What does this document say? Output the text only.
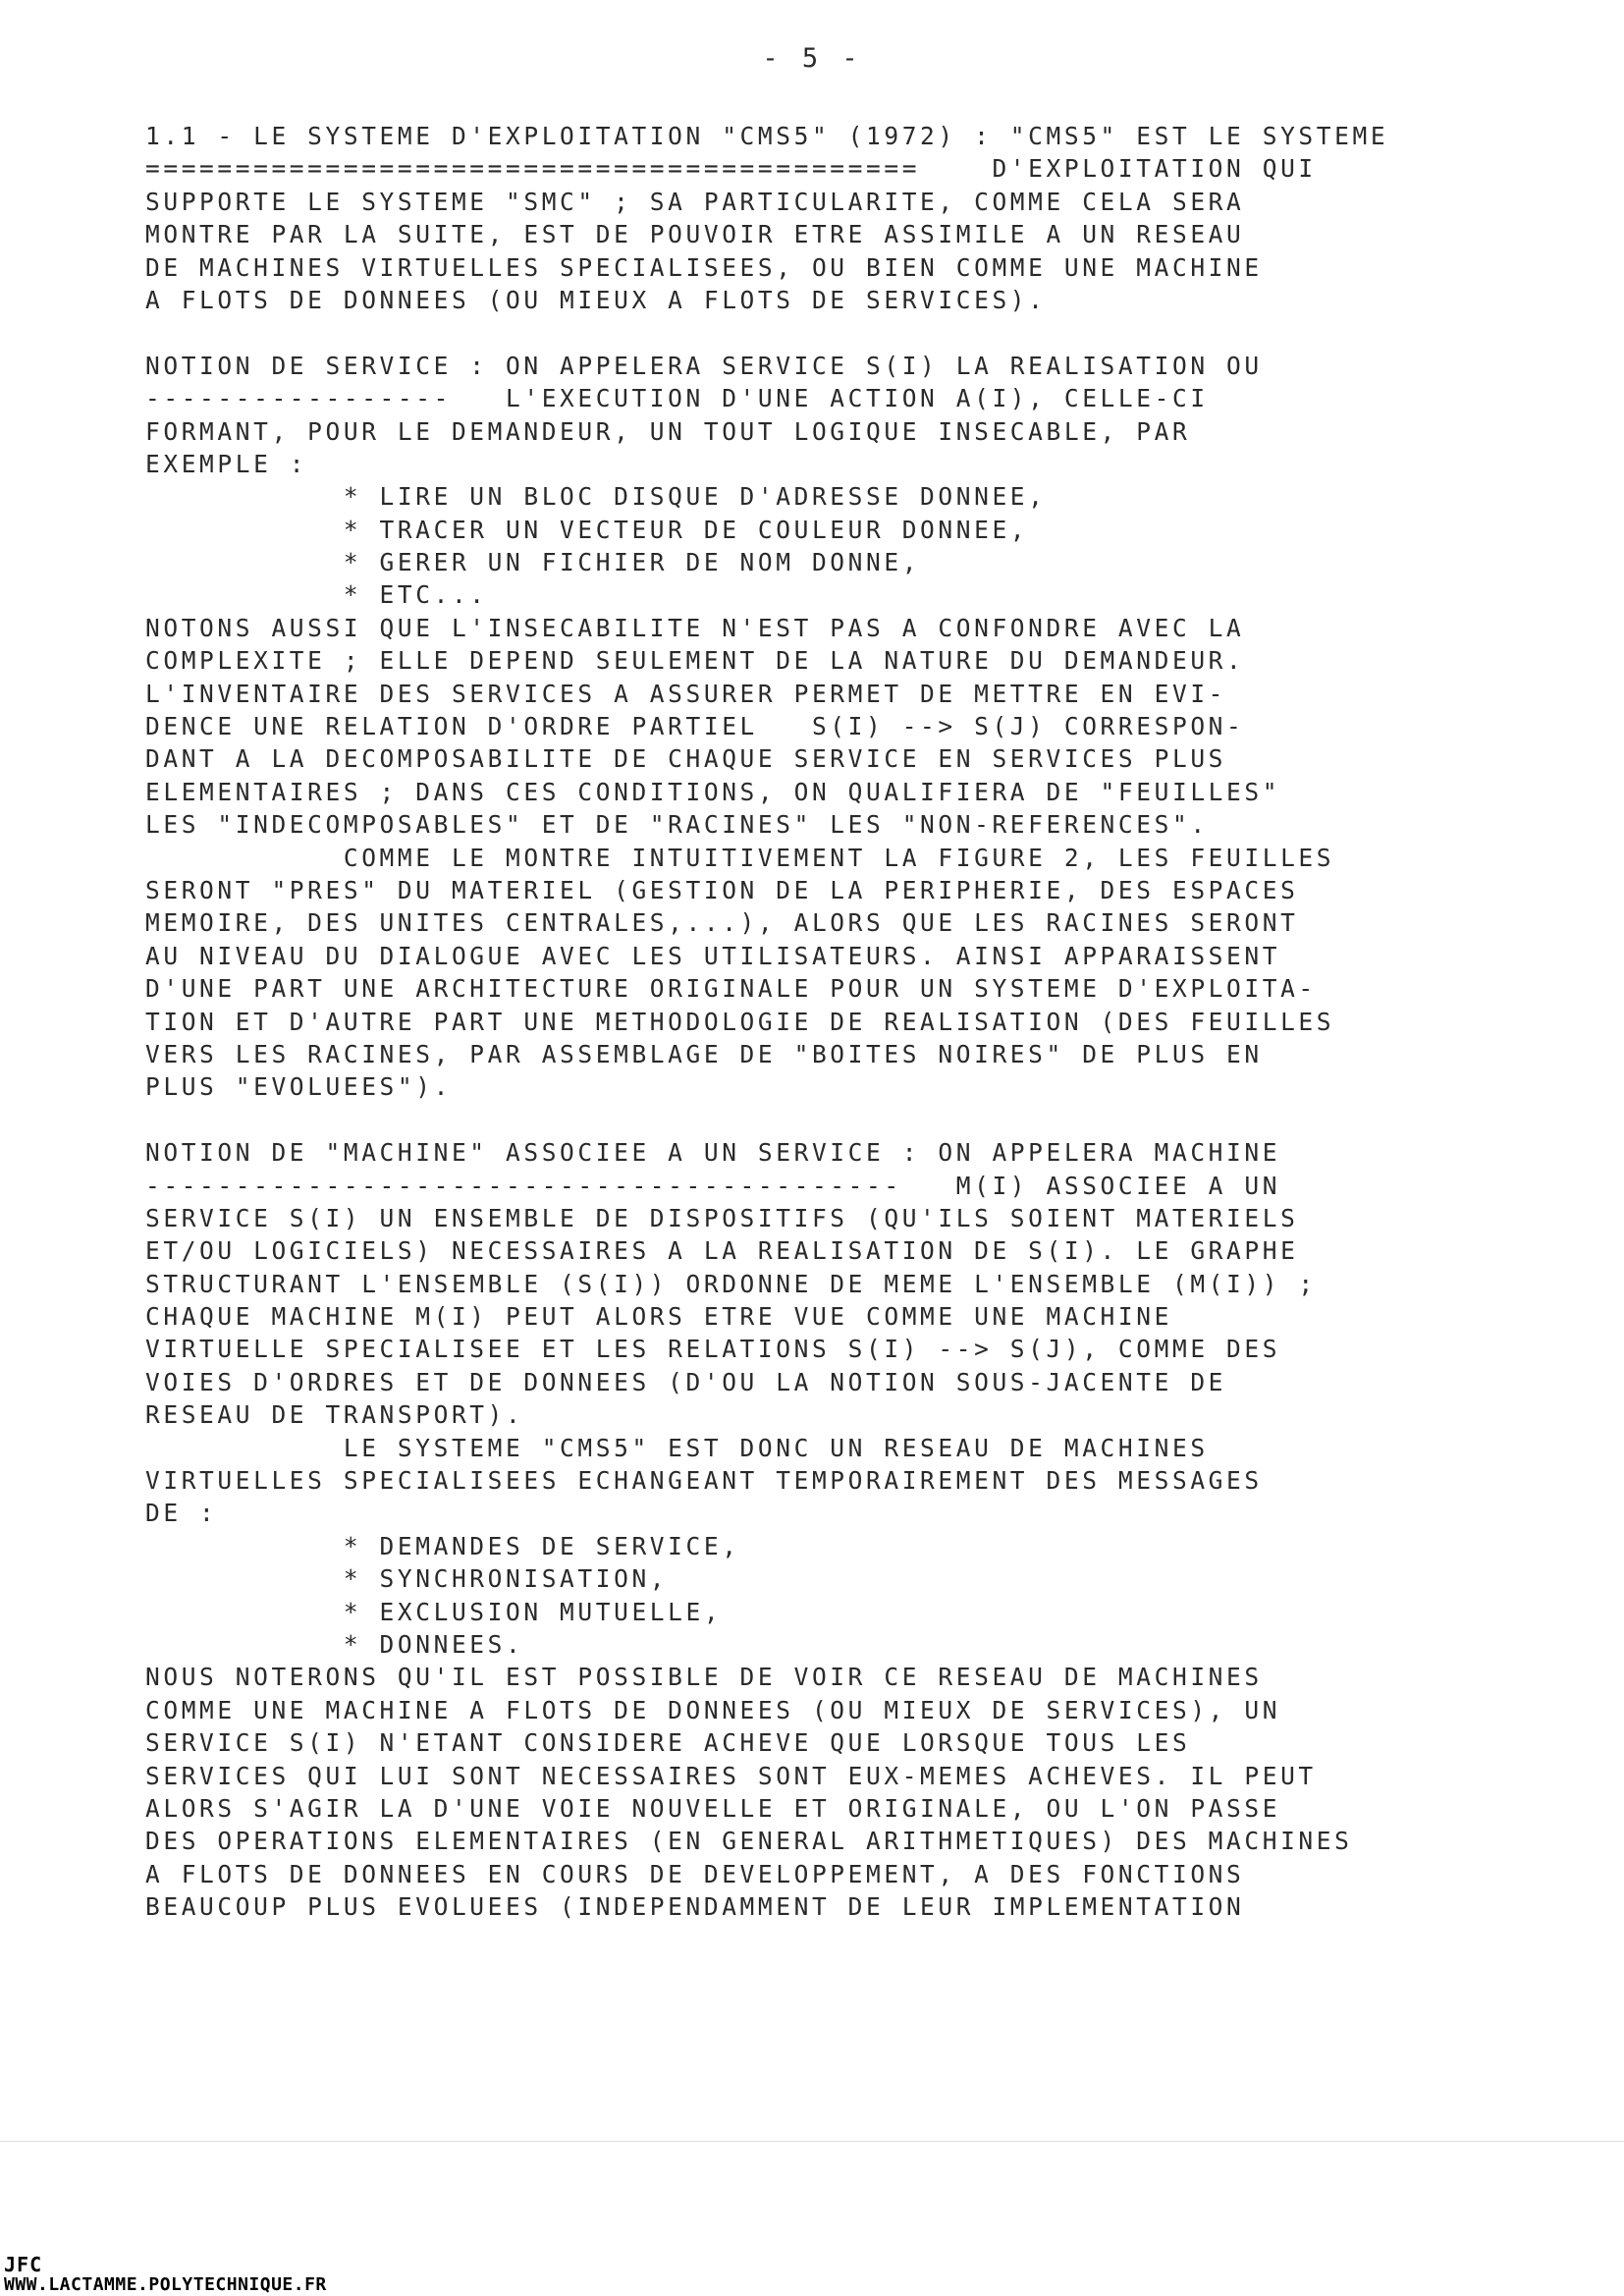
- 5 -
1.1 - LE SYSTEME D'EXPLOITATION "CMS5" (1972) : "CMS5" EST LE SYSTEME
===========================================    D'EXPLOITATION QUI
SUPPORTE LE SYSTEME "SMC" ; SA PARTICULARITE, COMME CELA SERA
MONTRE PAR LA SUITE, EST DE POUVOIR ETRE ASSIMILE A UN RESEAU
DE MACHINES VIRTUELLES SPECIALISEES, OU BIEN COMME UNE MACHINE
A FLOTS DE DONNEES (OU MIEUX A FLOTS DE SERVICES).
NOTION DE SERVICE : ON APPELERA SERVICE S(I) LA REALISATION OU
-----------------   L'EXECUTION D'UNE ACTION A(I), CELLE-CI
FORMANT, POUR LE DEMANDEUR, UN TOUT LOGIQUE INSECABLE, PAR
EXEMPLE :
* LIRE UN BLOC DISQUE D'ADRESSE DONNEE,
* TRACER UN VECTEUR DE COULEUR DONNEE,
* GERER UN FICHIER DE NOM DONNE,
* ETC...
NOTONS AUSSI QUE L'INSECABILITE N'EST PAS A CONFONDRE AVEC LA
COMPLEXITE ; ELLE DEPEND SEULEMENT DE LA NATURE DU DEMANDEUR.
L'INVENTAIRE DES SERVICES A ASSURER PERMET DE METTRE EN EVI-
DENCE UNE RELATION D'ORDRE PARTIEL   S(I) --> S(J) CORRESPON-
DANT A LA DECOMPOSABILITE DE CHAQUE SERVICE EN SERVICES PLUS
ELEMENTAIRES ; DANS CES CONDITIONS, ON QUALIFIERA DE "FEUILLES"
LES "INDECOMPOSABLES" ET DE "RACINES" LES "NON-REFERENCES".
COMME LE MONTRE INTUITIVEMENT LA FIGURE 2, LES FEUILLES
SERONT "PRES" DU MATERIEL (GESTION DE LA PERIPHERIE, DES ESPACES
MEMOIRE, DES UNITES CENTRALES,...), ALORS QUE LES RACINES SERONT
AU NIVEAU DU DIALOGUE AVEC LES UTILISATEURS. AINSI APPARAISSENT
D'UNE PART UNE ARCHITECTURE ORIGINALE POUR UN SYSTEME D'EXPLOITA-
TION ET D'AUTRE PART UNE METHODOLOGIE DE REALISATION (DES FEUILLES
VERS LES RACINES, PAR ASSEMBLAGE DE "BOITES NOIRES" DE PLUS EN
PLUS "EVOLUEES").
NOTION DE "MACHINE" ASSOCIEE A UN SERVICE : ON APPELERA MACHINE
------------------------------------------   M(I) ASSOCIEE A UN
SERVICE S(I) UN ENSEMBLE DE DISPOSITIFS (QU'ILS SOIENT MATERIELS
ET/OU LOGICIELS) NECESSAIRES A LA REALISATION DE S(I). LE GRAPHE
STRUCTURANT L'ENSEMBLE (S(I)) ORDONNE DE MEME L'ENSEMBLE (M(I)) ;
CHAQUE MACHINE M(I) PEUT ALORS ETRE VUE COMME UNE MACHINE
VIRTUELLE SPECIALISEE ET LES RELATIONS S(I) --> S(J), COMME DES
VOIES D'ORDRES ET DE DONNEES (D'OU LA NOTION SOUS-JACENTE DE
RESEAU DE TRANSPORT).
LE SYSTEME "CMS5" EST DONC UN RESEAU DE MACHINES
VIRTUELLES SPECIALISEES ECHANGEANT TEMPORAIREMENT DES MESSAGES
DE :
* DEMANDES DE SERVICE,
* SYNCHRONISATION,
* EXCLUSION MUTUELLE,
* DONNEES.
NOUS NOTERONS QU'IL EST POSSIBLE DE VOIR CE RESEAU DE MACHINES
COMME UNE MACHINE A FLOTS DE DONNEES (OU MIEUX DE SERVICES), UN
SERVICE S(I) N'ETANT CONSIDERE ACHEVE QUE LORSQUE TOUS LES
SERVICES QUI LUI SONT NECESSAIRES SONT EUX-MEMES ACHEVES. IL PEUT
ALORS S'AGIR LA D'UNE VOIE NOUVELLE ET ORIGINALE, OU L'ON PASSE
DES OPERATIONS ELEMENTAIRES (EN GENERAL ARITHMETIQUES) DES MACHINES
A FLOTS DE DONNEES EN COURS DE DEVELOPPEMENT, A DES FONCTIONS
BEAUCOUP PLUS EVOLUEES (INDEPENDAMMENT DE LEUR IMPLEMENTATION
JFC
WWW.LACTAMME.POLYTECHNIQUE.FR
